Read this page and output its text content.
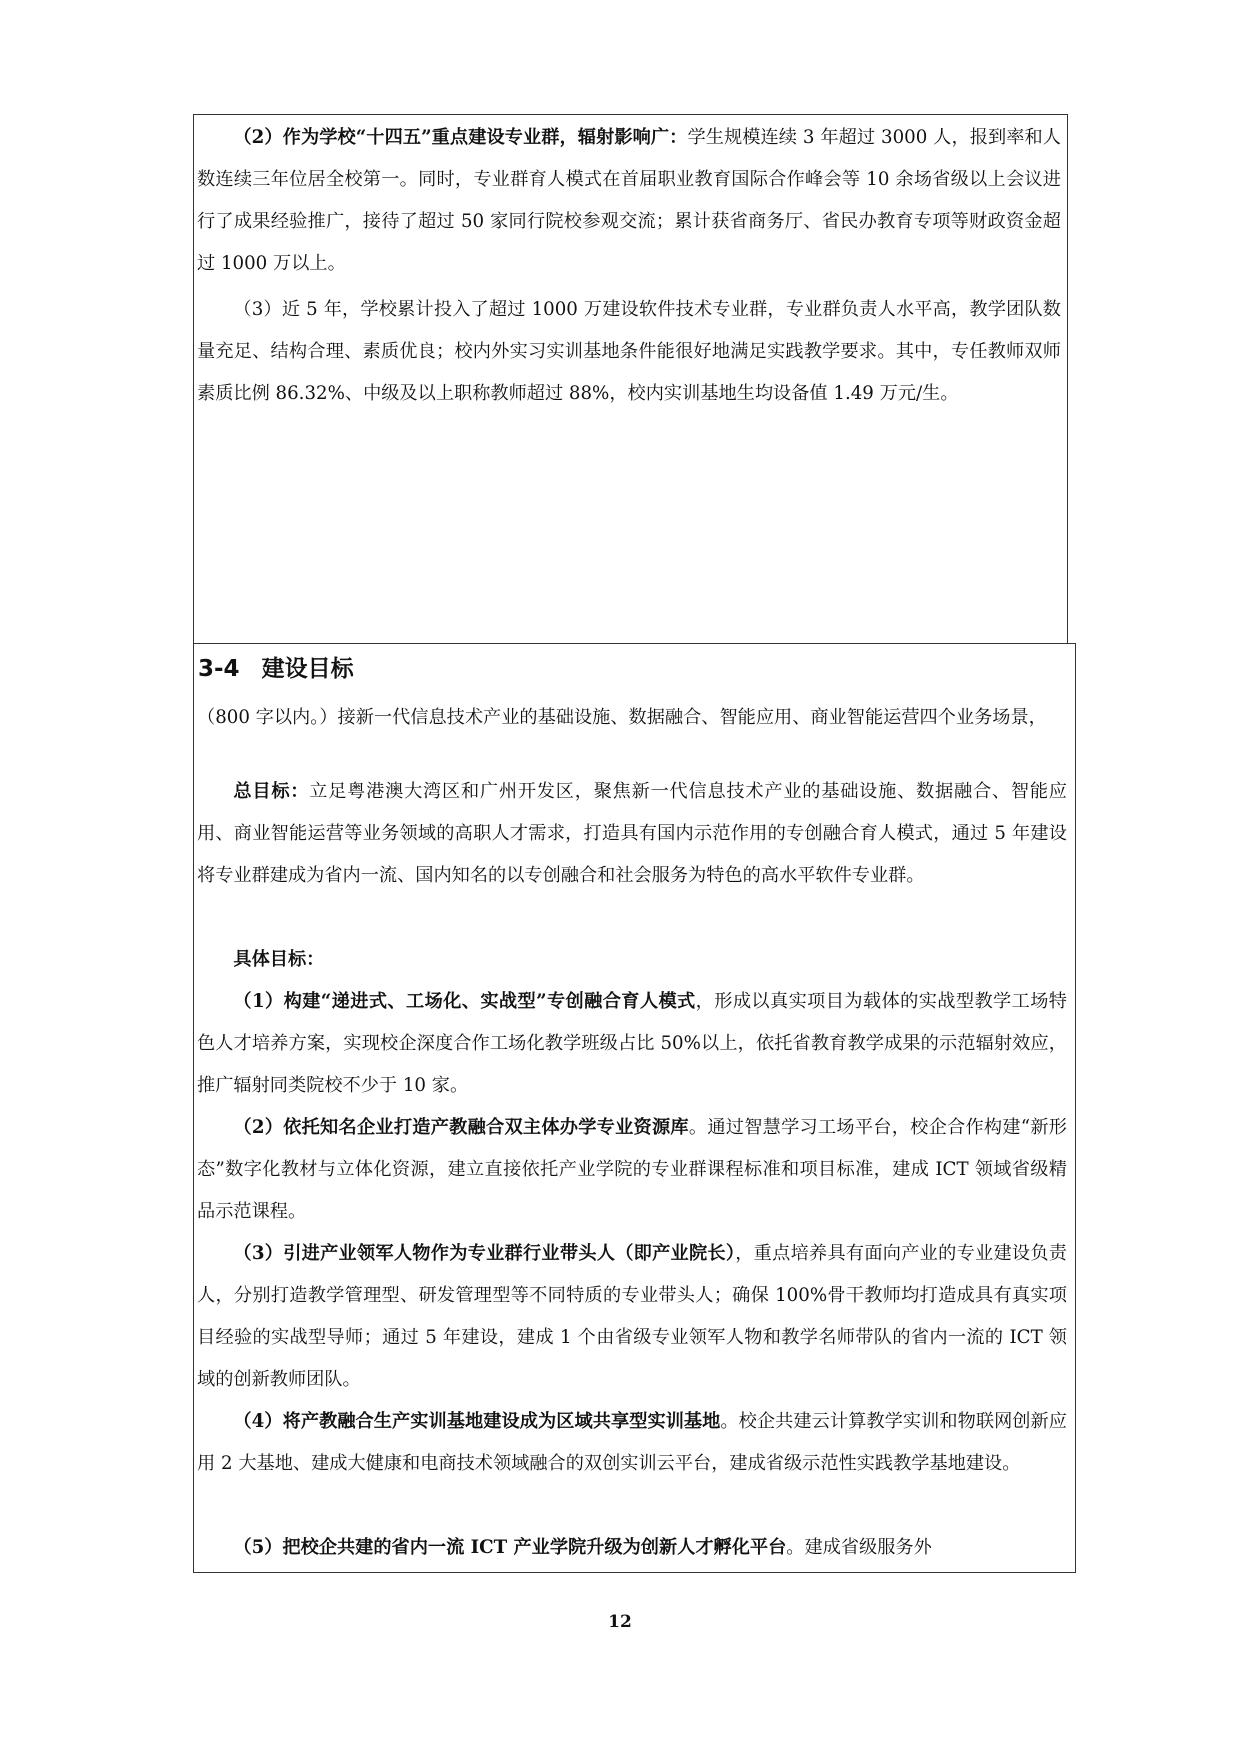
（2）作为学校“十四五”重点建设专业群，辐射影响广：学生规模连续 3 年超过 3000 人，报到率和人数连续三年位居全校第一。同时，专业群育人模式在首届职业教育国际合作峰会等 10 余场省级以上会议进行了成果经验推广，接待了超过 50 家同行院校参观交流；累计获省商务厅、省民办教育专项等财政资金超过 1000 万以上。

（3）近 5 年，学校累计投入了超过 1000 万建设软件技术专业群，专业群负责人水平高，教学团队数量充足、结构合理、素质优良；校内外实习实训基地条件能很好地满足实践教学要求。其中，专任教师双师素质比例 86.32%、中级及以上职称教师超过 88%，校内实训基地生均设备值 1.49 万元/生。

3-4 建设目标

（800 字以内。）接新一代信息技术产业的基础设施、数据融合、智能应用、商业智能运营四个业务场景，

总目标：立足粤港澳大湾区和广州开发区，聚焦新一代信息技术产业的基础设施、数据融合、智能应用、商业智能运营等业务领域的高职人才需求，打造具有国内示范作用的专创融合育人模式，通过 5 年建设将专业群建成为省内一流、国内知名的以专创融合和社会服务为特色的高水平软件专业群。

具体目标：

（1）构建“递进式、工场化、实战型”专创融合育人模式，形成以真实项目为载体的实战型教学工场特色人才培养方案，实现校企深度合作工场化教学班级占比 50%以上，依托省教育教学成果的示范辐射效应，推广辐射同类院校不少于 10 家。

（2）依托知名企业打造产教融合双主体办学专业资源库。通过智慧学习工场平台，校企合作构建“新形态”数字化教材与立体化资源，建立直接依托产业学院的专业群课程标准和项目标准，建成 ICT 领域省级精品示范课程。

（3）引进产业领军人物作为专业群行业带头人（即产业院长），重点培养具有面向产业的专业建设负责人，分别打造教学管理型、研发管理型等不同特质的专业带头人；确保 100%骨干教师均打造成具有真实项目经验的实战型导师；通过 5 年建设，建成 1 个由省级专业领军人物和教学名师带队的省内一流的 ICT 领域的创新教师团队。

（4）将产教融合生产实训基地建设成为区域共享型实训基地。校企共建云计算教学实训和物联网创新应用 2 大基地、建成大健康和电商技术领域融合的双创实训云平台，建成省级示范性实践教学基地建设。

（5）把校企共建的省内一流 ICT 产业学院升级为创新人才孵化平台。建成省级服务外

12
